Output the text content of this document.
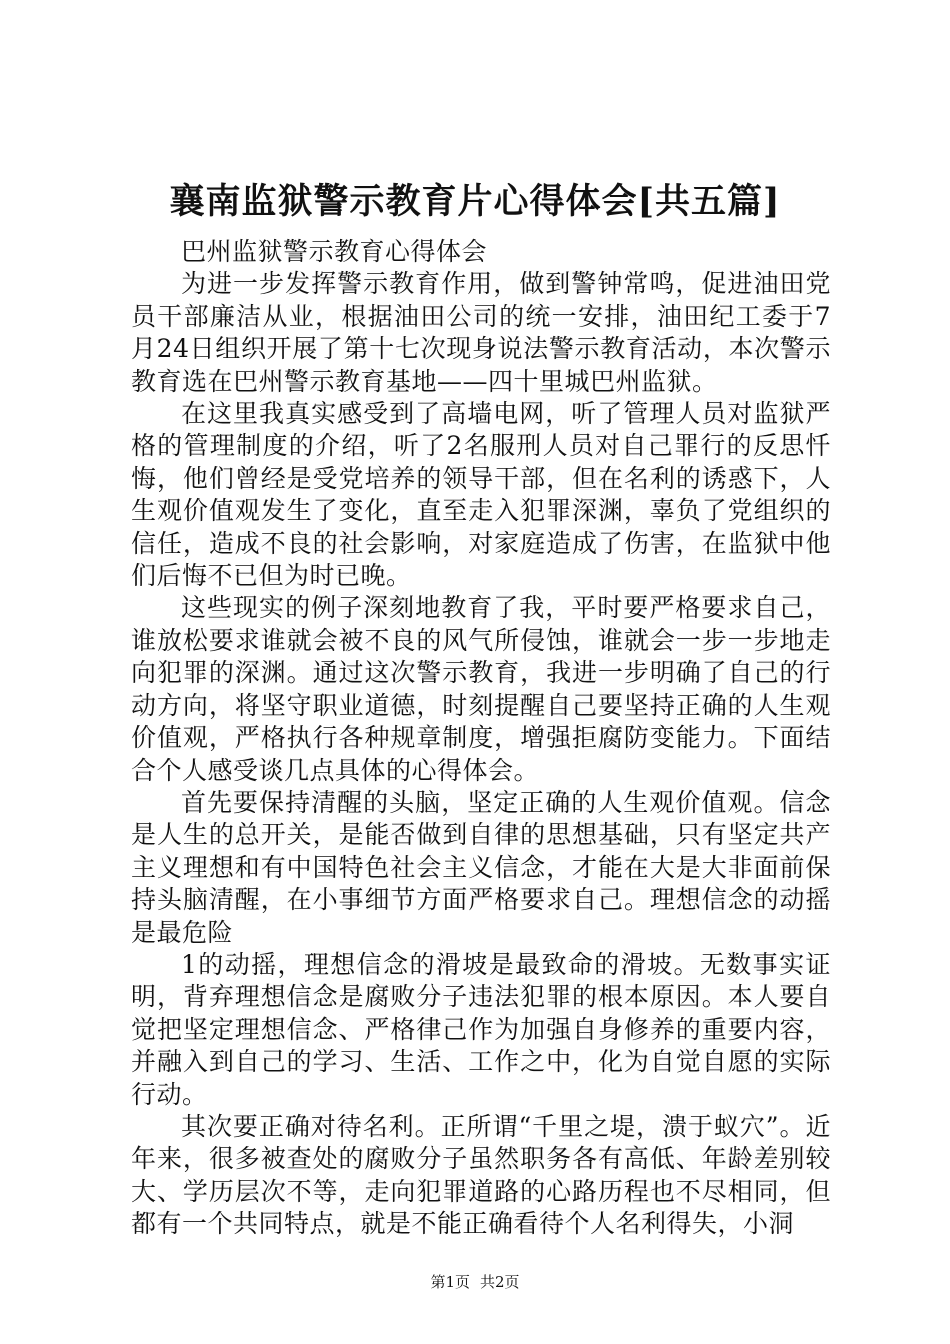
襄南监狱警示教育片心得体会[共五篇]

巴州监狱警示教育心得体会

为进一步发挥警示教育作用，做到警钟常鸣，促进油田党员干部廉洁从业，根据油田公司的统一安排，油田纪工委于7月24日组织开展了第十七次现身说法警示教育活动，本次警示教育选在巴州警示教育基地——四十里城巴州监狱。

在这里我真实感受到了高墙电网，听了管理人员对监狱严格的管理制度的介绍，听了2名服刑人员对自己罪行的反思忏悔，他们曾经是受党培养的领导干部，但在名利的诱惑下，人生观价值观发生了变化，直至走入犯罪深渊，辜负了党组织的信任，造成不良的社会影响，对家庭造成了伤害，在监狱中他们后悔不已但为时已晚。

这些现实的例子深刻地教育了我，平时要严格要求自己，谁放松要求谁就会被不良的风气所侵蚀，谁就会一步一步地走向犯罪的深渊。通过这次警示教育，我进一步明确了自己的行动方向，将坚守职业道德，时刻提醒自己要坚持正确的人生观价值观，严格执行各种规章制度，增强拒腐防变能力。下面结合个人感受谈几点具体的心得体会。

首先要保持清醒的头脑，坚定正确的人生观价值观。信念是人生的总开关，是能否做到自律的思想基础，只有坚定共产主义理想和有中国特色社会主义信念，才能在大是大非面前保持头脑清醒，在小事细节方面严格要求自己。理想信念的动摇是最危险

1的动摇，理想信念的滑坡是最致命的滑坡。无数事实证明，背弃理想信念是腐败分子违法犯罪的根本原因。本人要自觉把坚定理想信念、严格律己作为加强自身修养的重要内容，并融入到自己的学习、生活、工作之中，化为自觉自愿的实际行动。

其次要正确对待名利。正所谓“千里之堤，溃于蚁穴”。近年来，很多被查处的腐败分子虽然职务各有高低、年龄差别较大、学历层次不等，走向犯罪道路的心路历程也不尽相同，但都有一个共同特点，就是不能正确看待个人名利得失，小洞

第1页 共2页
